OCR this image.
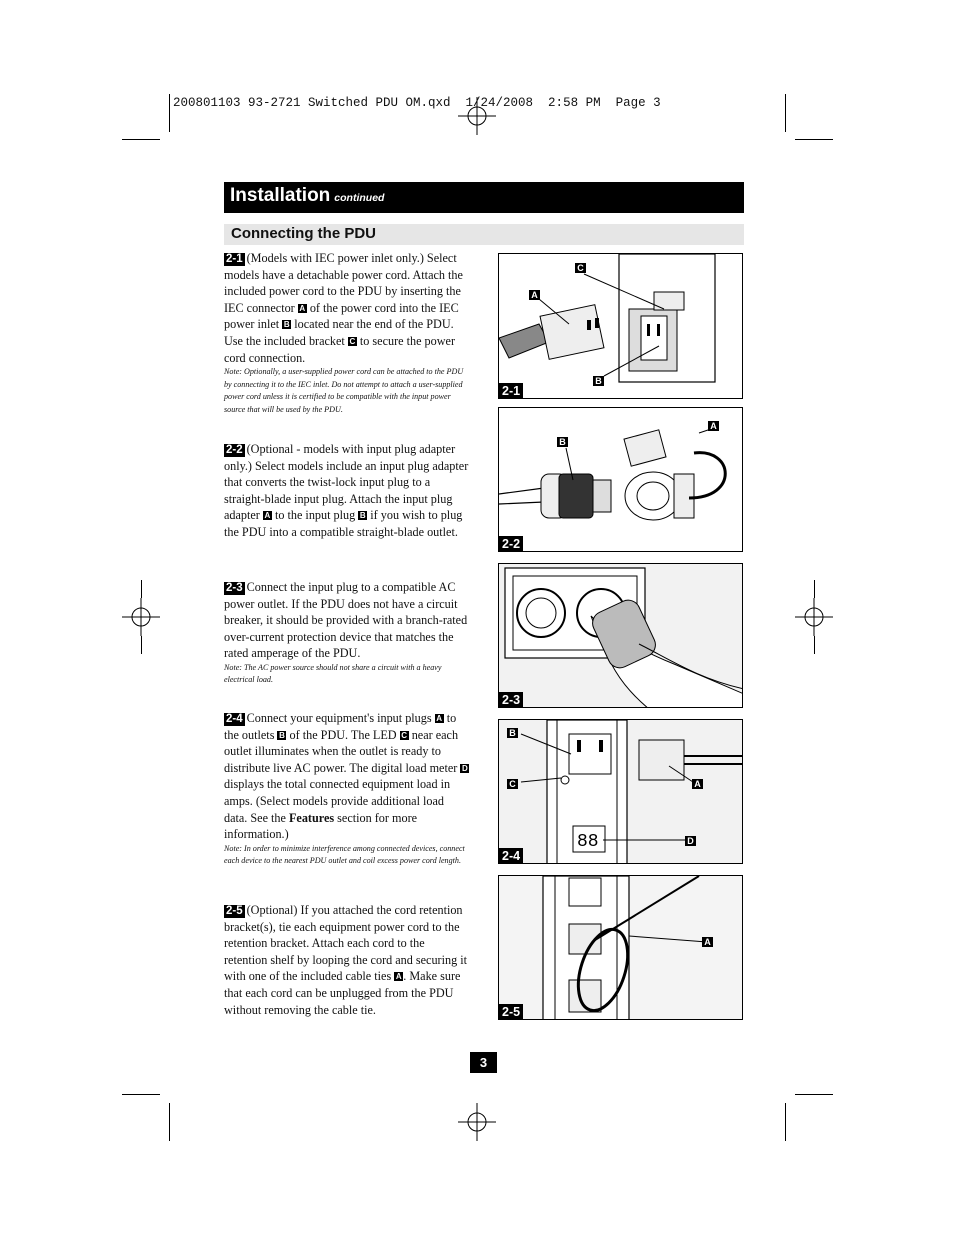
200801103 93-2721 Switched PDU OM.qxd  1/24/2008  2:58 PM  Page 3
Installation continued
Connecting the PDU

2-1 (Models with IEC power inlet only.) Select models have a detachable power cord. Attach the included power cord to the PDU by inserting the IEC connector A of the power cord into the IEC power inlet B located near the end of the PDU. Use the included bracket C to secure the power cord connection.

Note: Optionally, a user-supplied power cord can be attached to the PDU by connecting it to the IEC inlet. Do not attempt to attach a user-supplied power cord unless it is certified to be compatible with the input power source that will be used by the PDU.

2-2 (Optional - models with input plug adapter only.) Select models include an input plug adapter that converts the twist-lock input plug to a straight-blade input plug. Attach the input plug adapter A to the input plug B if you wish to plug the PDU into a compatible straight-blade outlet.

2-3 Connect the input plug to a compatible AC power outlet. If the PDU does not have a circuit breaker, it should be provided with a branch-rated over-current protection device that matches the rated amperage of the PDU.

Note: The AC power source should not share a circuit with a heavy electrical load.

2-4 Connect your equipment's input plugs A to the outlets B of the PDU. The LED C near each outlet illuminates when the outlet is ready to distribute live AC power. The digital load meter D displays the total connected equipment load in amps. (Select models provide additional load data. See the Features section for more information.)

Note: In order to minimize interference among connected devices, connect each device to the nearest PDU outlet and coil excess power cord length.

2-5 (Optional) If you attached the cord retention bracket(s), tie each equipment power cord to the retention bracket. Attach each cord to the retention shelf by looping the cord and securing it with one of the included cable ties A . Make sure that each cord can be unplugged from the PDU without removing the cable tie.

C
A
B
2-1
A
B
2-2
2-3
88
B
C	A
D
2-4
A
2-5
3
